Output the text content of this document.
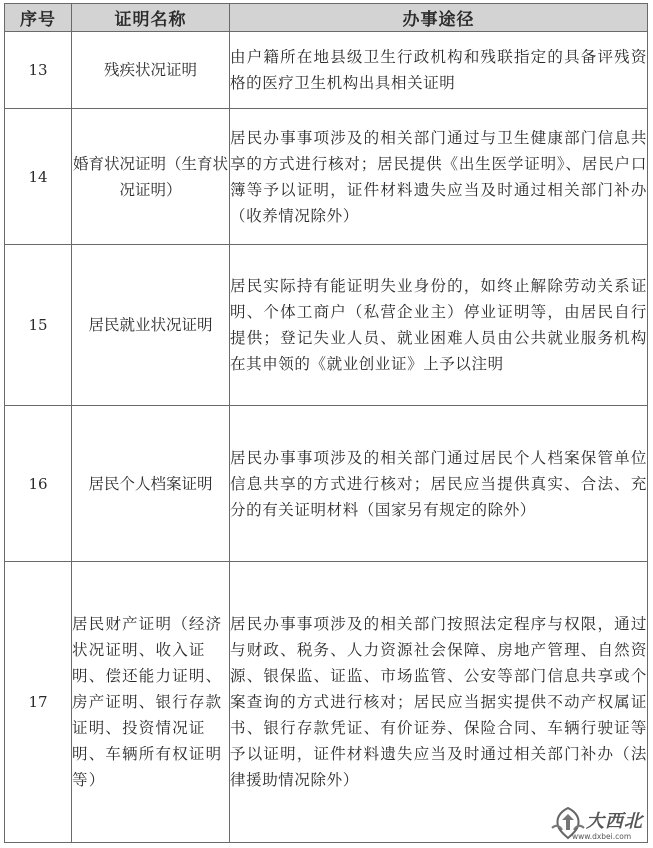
序号	证明名称	办事途径
13	残疾状况证明	由户籍所在地县级卫生行政机构和残联指定的具备评残资格的医疗卫生机构出具相关证明
14	婚育状况证明（生育状况证明）	居民办事事项涉及的相关部门通过与卫生健康部门信息共享的方式进行核对；居民提供《出生医学证明》、居民户口簿等予以证明，证件材料遗失应当及时通过相关部门补办（收养情况除外）
15	居民就业状况证明	居民实际持有能证明失业身份的，如终止解除劳动关系证明、个体工商户（私营企业主）停业证明等，由居民自行提供；登记失业人员、就业困难人员由公共就业服务机构在其申领的《就业创业证》上予以注明
16	居民个人档案证明	居民办事事项涉及的相关部门通过居民个人档案保管单位信息共享的方式进行核对；居民应当提供真实、合法、充分的有关证明材料（国家另有规定的除外）
17	居民财产证明（经济状况证明、收入证明、偿还能力证明、房产证明、银行存款证明、投资情况证明、车辆所有权证明等）	居民办事事项涉及的相关部门按照法定程序与权限，通过与财政、税务、人力资源社会保障、房地产管理、自然资源、银保监、证监、市场监管、公安等部门信息共享或个案查询的方式进行核对；居民应当据实提供不动产权属证书、银行存款凭证、有价证券、保险合同、车辆行驶证等予以证明，证件材料遗失应当及时通过相关部门补办（法律援助情况除外）
大西北
www.dxbei.com
